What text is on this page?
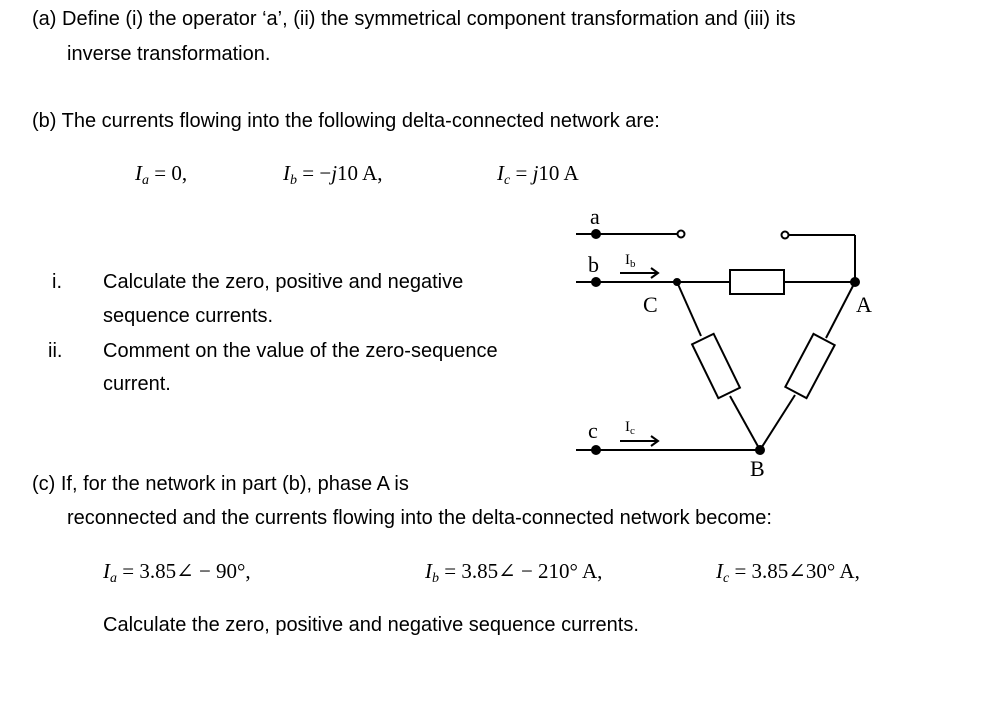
(a) Define (i) the operator ‘a’, (ii) the symmetrical component transformation and (iii) its
inverse transformation.
(b) The currents flowing into the following delta-connected network are:
$I_a = 0$,	$I_b = -j10$ A,	$I_c = j10$ A
i. Calculate the zero, positive and negative
sequence currents.
ii. Comment on the value of the zero-sequence
current.
a
b
c
$I_b$
$I_c$
C	A
B
(c) If, for the network in part (b), phase A is
reconnected and the currents flowing into the delta-connected network become:
$I_a$ = 3.85∠ − 90°,	$I_b$ = 3.85∠ − 210° A,	$I_c$ = 3.85∠30° A,
Calculate the zero, positive and negative sequence currents.
